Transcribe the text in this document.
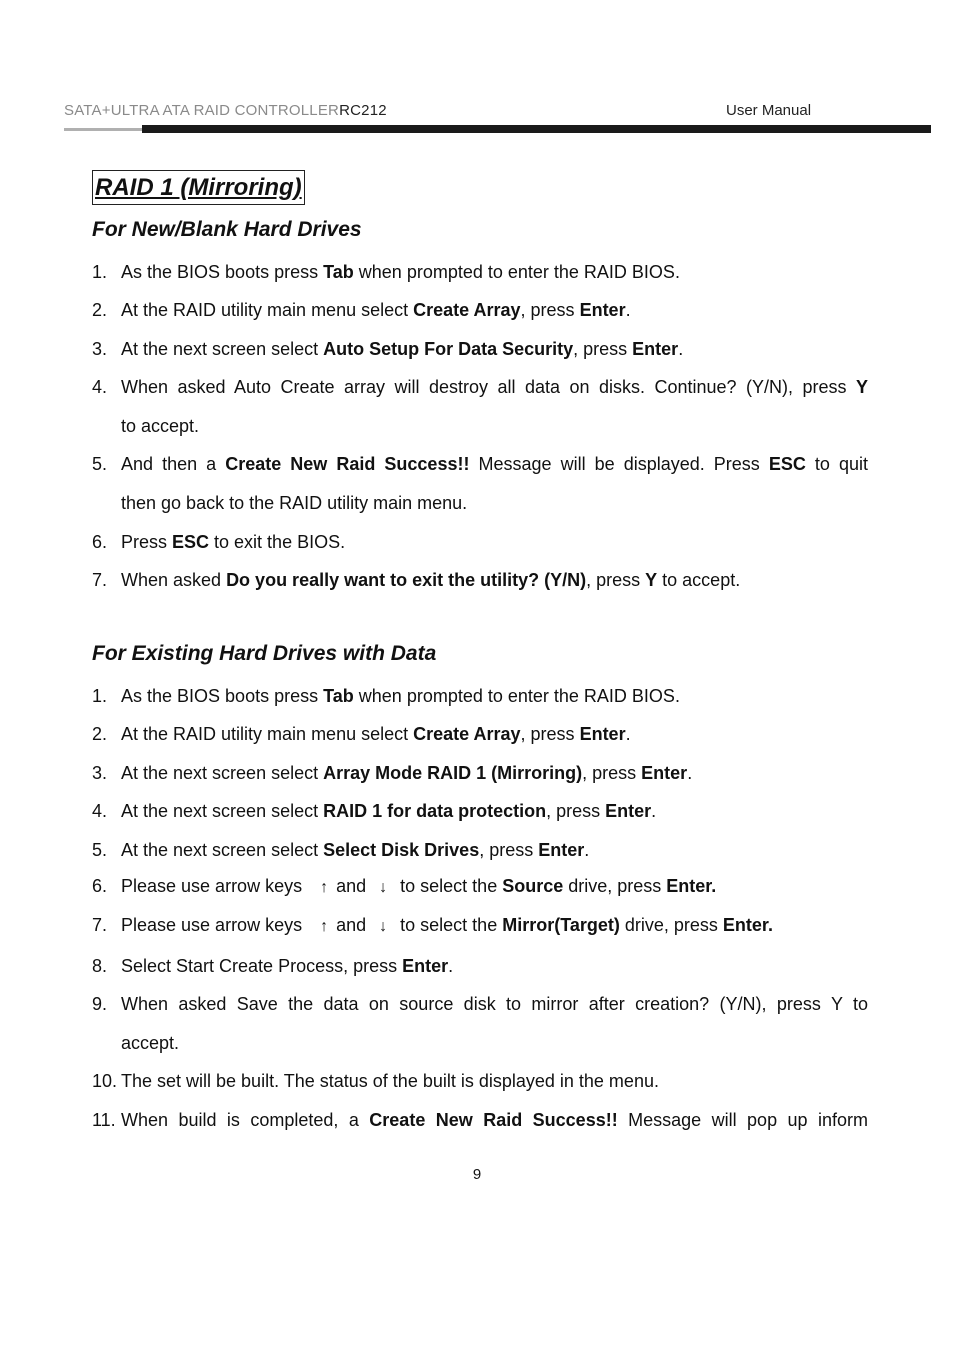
SATA+ULTRA ATA RAID CONTROLLERRC212	User Manual
RAID 1 (Mirroring)
For New/Blank Hard Drives
1. As the BIOS boots press Tab when prompted to enter the RAID BIOS.
2. At the RAID utility main menu select Create Array, press Enter.
3. At the next screen select Auto Setup For Data Security, press Enter.
4. When asked Auto Create array will destroy all data on disks. Continue? (Y/N), press Y
to accept.
5. And then a Create New Raid Success!! Message will be displayed. Press ESC to quit
then go back to the RAID utility main menu.
6. Press ESC to exit the BIOS.
7. When asked Do you really want to exit the utility? (Y/N), press Y to accept.
For Existing Hard Drives with Data
1. As the BIOS boots press Tab when prompted to enter the RAID BIOS.
2. At the RAID utility main menu select Create Array, press Enter.
3. At the next screen select Array Mode RAID 1 (Mirroring), press Enter.
4. At the next screen select RAID 1 for data protection, press Enter.
5. At the next screen select Select Disk Drives, press Enter.
6. Please use arrow keys   ↑ and  ↓  to select the Source drive, press Enter.
7. Please use arrow keys   ↑ and  ↓  to select the Mirror(Target) drive, press Enter.
8. Select Start Create Process, press Enter.
9. When asked Save the data on source disk to mirror after creation? (Y/N), press Y to
accept.
10. The set will be built. The status of the built is displayed in the menu.
11. When build is completed, a Create New Raid Success!! Message will pop up inform
9
